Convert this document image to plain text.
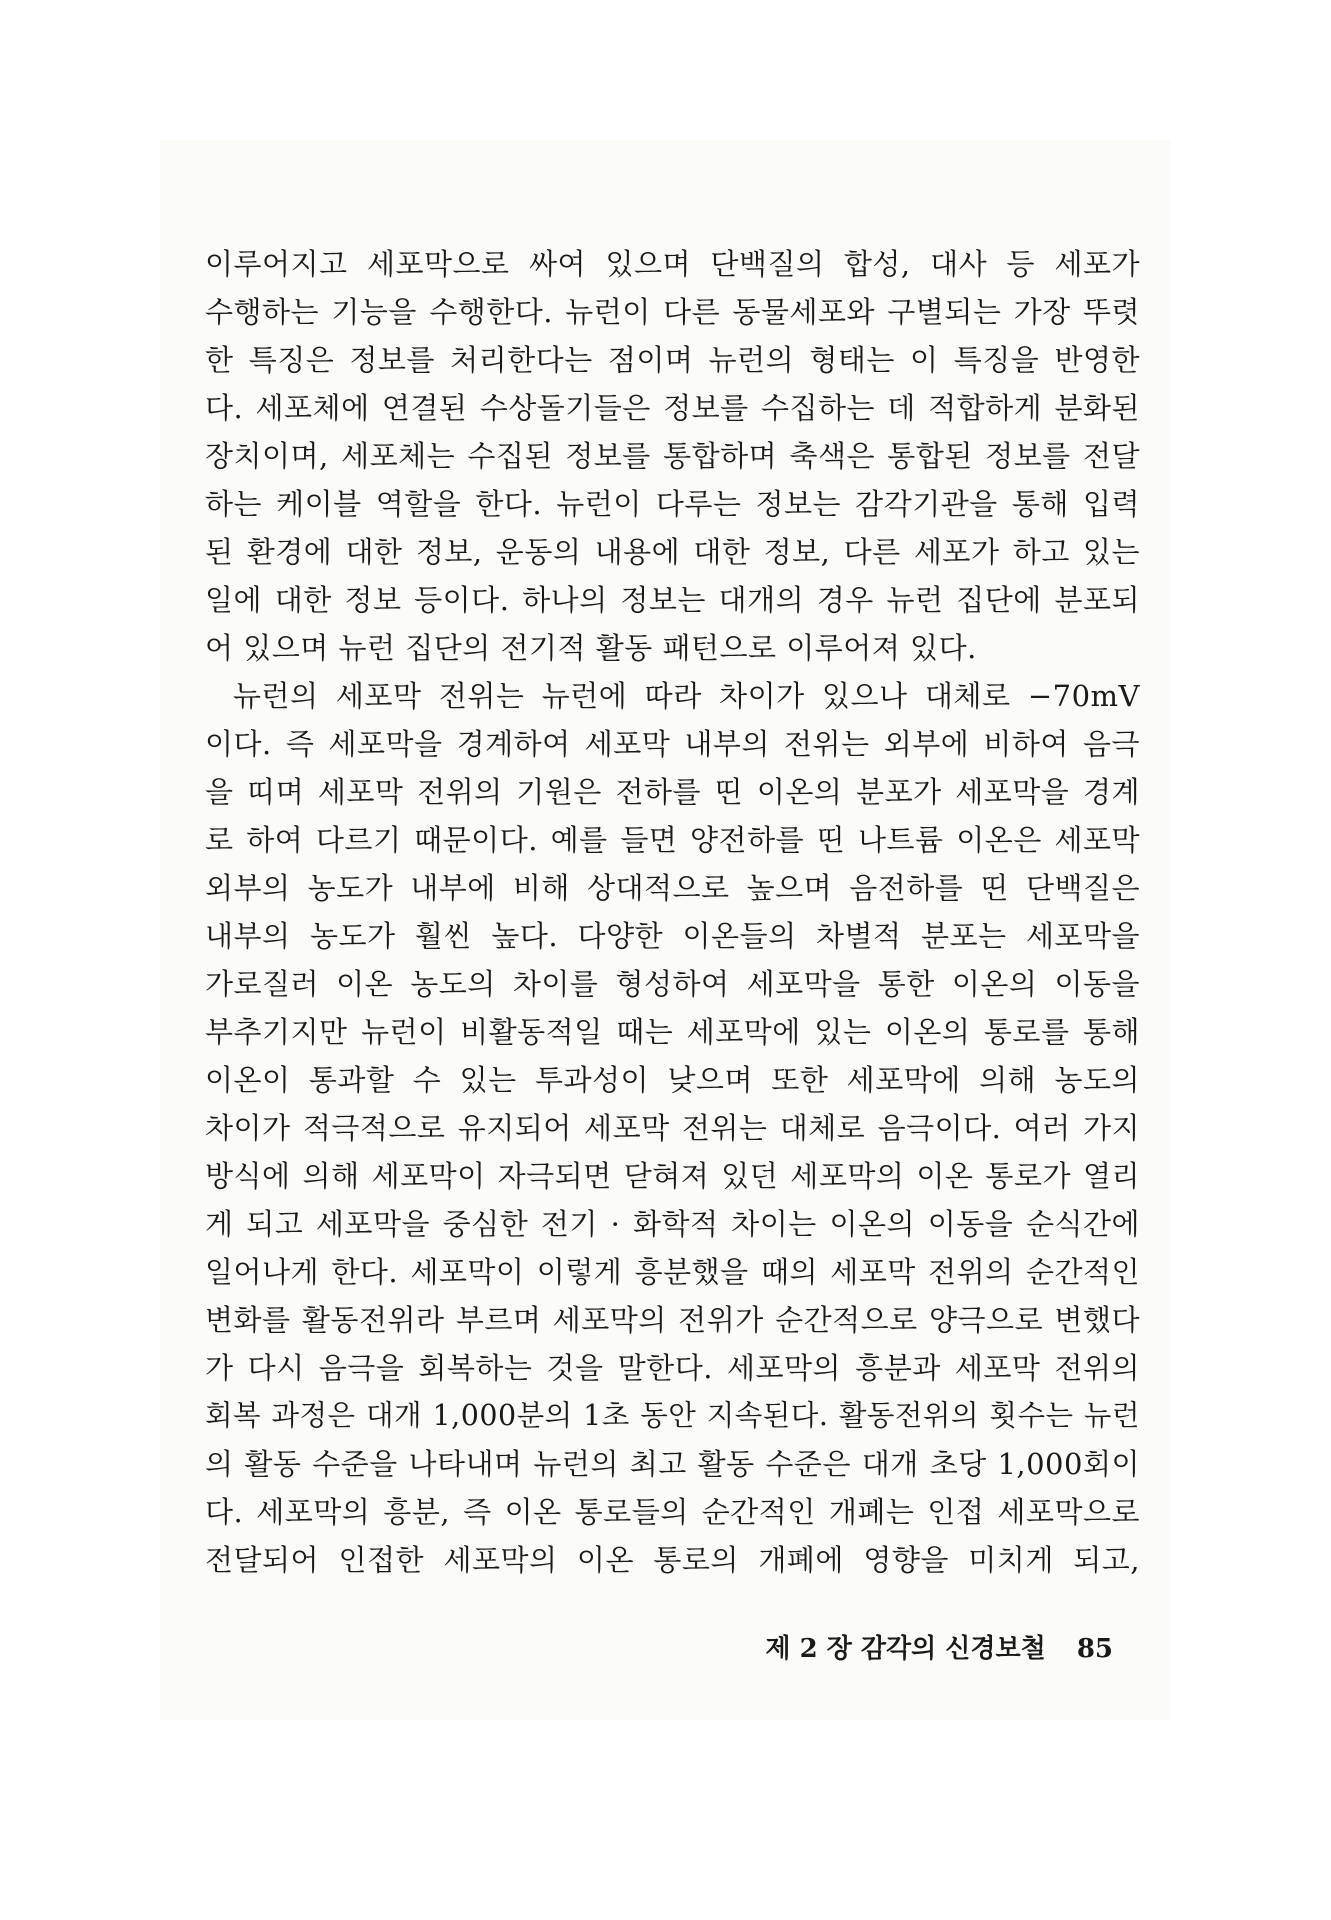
이루어지고 세포막으로 싸여 있으며 단백질의 합성, 대사 등 세포가
수행하는 기능을 수행한다. 뉴런이 다른 동물세포와 구별되는 가장 뚜렷
한 특징은 정보를 처리한다는 점이며 뉴런의 형태는 이 특징을 반영한
다. 세포체에 연결된 수상돌기들은 정보를 수집하는 데 적합하게 분화된
장치이며, 세포체는 수집된 정보를 통합하며 축색은 통합된 정보를 전달
하는 케이블 역할을 한다. 뉴런이 다루는 정보는 감각기관을 통해 입력
된 환경에 대한 정보, 운동의 내용에 대한 정보, 다른 세포가 하고 있는
일에 대한 정보 등이다. 하나의 정보는 대개의 경우 뉴런 집단에 분포되
어 있으며 뉴런 집단의 전기적 활동 패턴으로 이루어져 있다.
뉴런의 세포막 전위는 뉴런에 따라 차이가 있으나 대체로 −70mV
이다. 즉 세포막을 경계하여 세포막 내부의 전위는 외부에 비하여 음극
을 띠며 세포막 전위의 기원은 전하를 띤 이온의 분포가 세포막을 경계
로 하여 다르기 때문이다. 예를 들면 양전하를 띤 나트륨 이온은 세포막
외부의 농도가 내부에 비해 상대적으로 높으며 음전하를 띤 단백질은
내부의 농도가 훨씬 높다. 다양한 이온들의 차별적 분포는 세포막을
가로질러 이온 농도의 차이를 형성하여 세포막을 통한 이온의 이동을
부추기지만 뉴런이 비활동적일 때는 세포막에 있는 이온의 통로를 통해
이온이 통과할 수 있는 투과성이 낮으며 또한 세포막에 의해 농도의
차이가 적극적으로 유지되어 세포막 전위는 대체로 음극이다. 여러 가지
방식에 의해 세포막이 자극되면 닫혀져 있던 세포막의 이온 통로가 열리
게 되고 세포막을 중심한 전기 · 화학적 차이는 이온의 이동을 순식간에
일어나게 한다. 세포막이 이렇게 흥분했을 때의 세포막 전위의 순간적인
변화를 활동전위라 부르며 세포막의 전위가 순간적으로 양극으로 변했다
가 다시 음극을 회복하는 것을 말한다. 세포막의 흥분과 세포막 전위의
회복 과정은 대개 1,000분의 1초 동안 지속된다. 활동전위의 횟수는 뉴런
의 활동 수준을 나타내며 뉴런의 최고 활동 수준은 대개 초당 1,000회이
다. 세포막의 흥분, 즉 이온 통로들의 순간적인 개폐는 인접 세포막으로
전달되어 인접한 세포막의 이온 통로의 개폐에 영향을 미치게 되고,
제 2 장 감각의 신경보철 85
